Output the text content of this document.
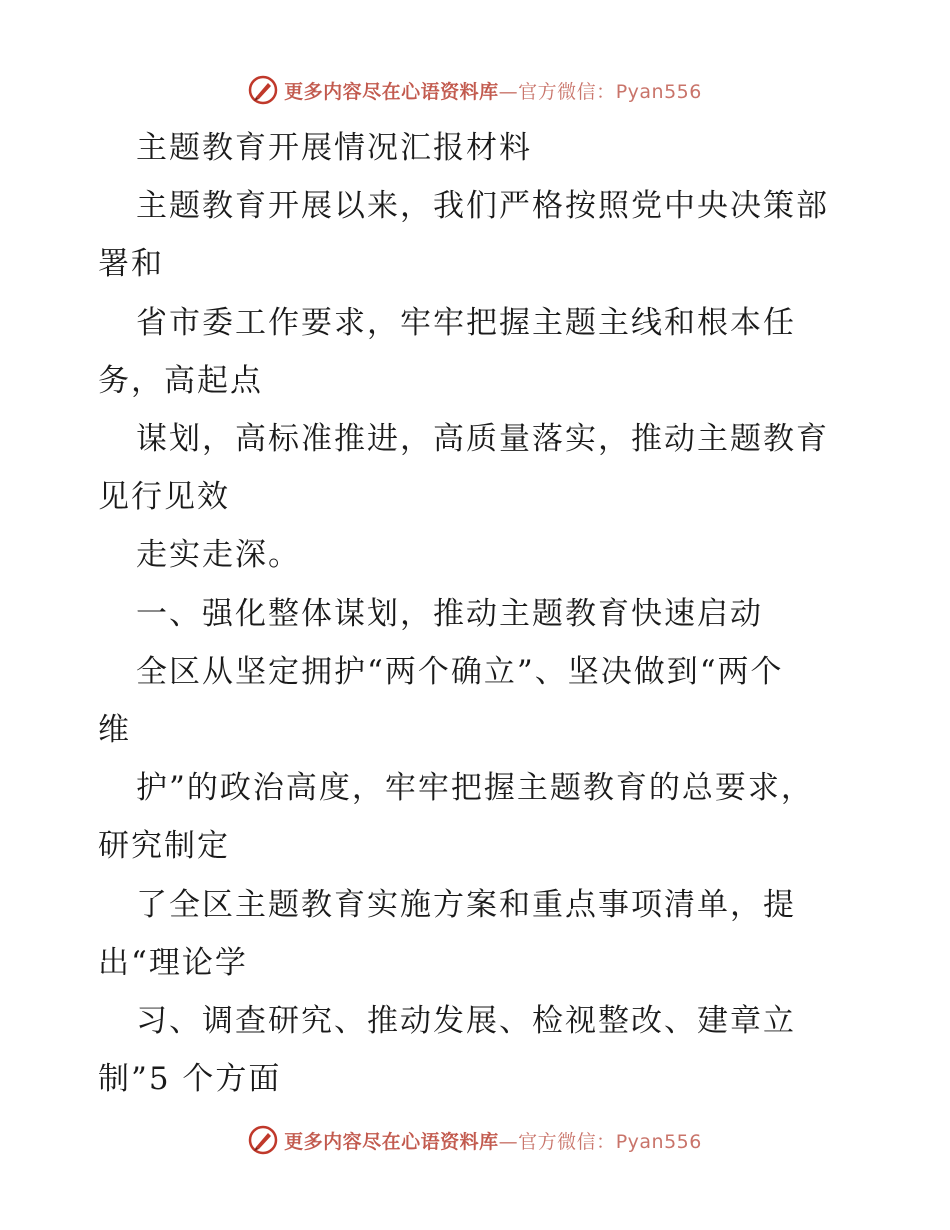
更多内容尽在心语资料库—官方微信：Pyan556
主题教育开展情况汇报材料
主题教育开展以来，我们严格按照党中央决策部
署和
省市委工作要求，牢牢把握主题主线和根本任
务，高起点
谋划，高标准推进，高质量落实，推动主题教育
见行见效
走实走深。
一、强化整体谋划，推动主题教育快速启动
全区从坚定拥护“两个确立”、坚决做到“两个
维
护”的政治高度，牢牢把握主题教育的总要求，
研究制定
了全区主题教育实施方案和重点事项清单，提
出“理论学
习、调查研究、推动发展、检视整改、建章立
制”5 个方面
更多内容尽在心语资料库—官方微信：Pyan556
